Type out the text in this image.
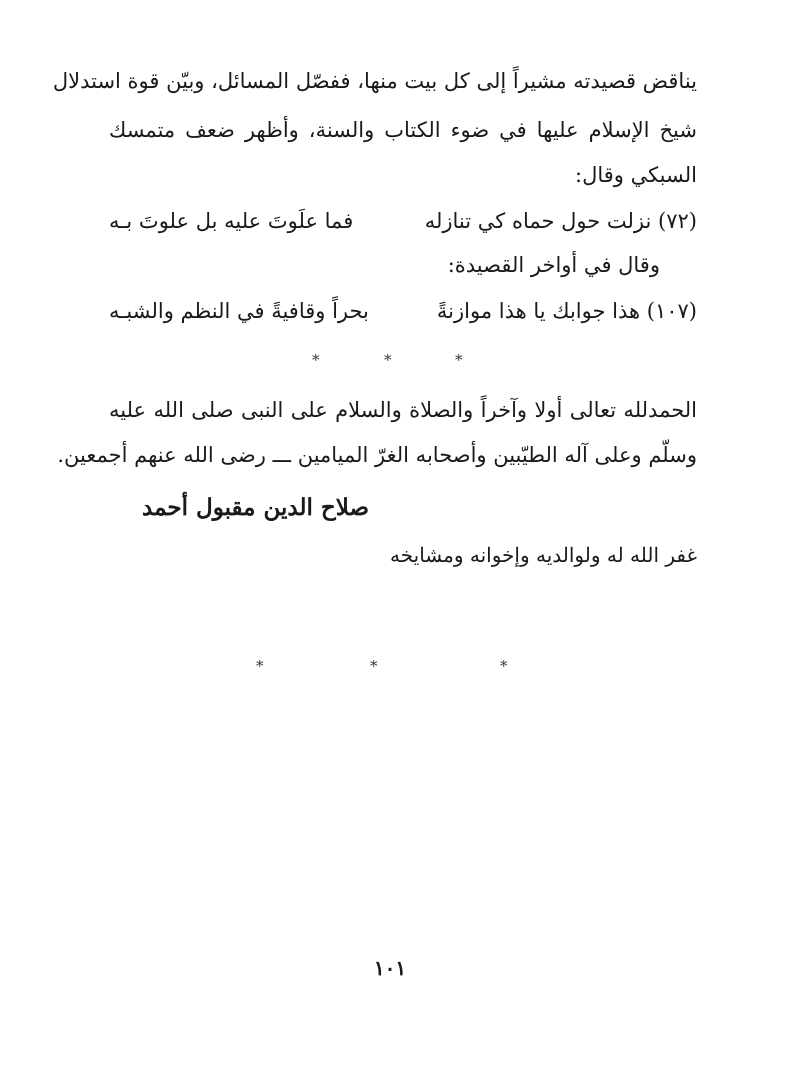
يناقض قصيدته مشيراً إلى كل بيت منها، ففصّل المسائل، وبيّن قوة استدلال
شيخ الإسلام عليها في ضوء الكتاب والسنة، وأظهر ضعف متمسك
السبكي وقال:
(٧٢) نزلت حول حماه كي تنازله
فما علَوتَ عليه بل علوتَ بـه
وقال في أواخر القصيدة:
(١٠٧) هذا جوابك يا هذا موازنةً
بحراً وقافيةً في النظم والشبـه
*	*	*
الحمدلله تعالى أولا وآخراً والصلاة والسلام على النبى صلى الله عليه
وسلّم وعلى آله الطيّبين وأصحابه الغرّ الميامين ـــ رضى الله عنهم أجمعين.
صلاح الدين مقبول أحمد
غفر الله له ولوالديه وإخوانه ومشايخه
*	*	*
١٠١
